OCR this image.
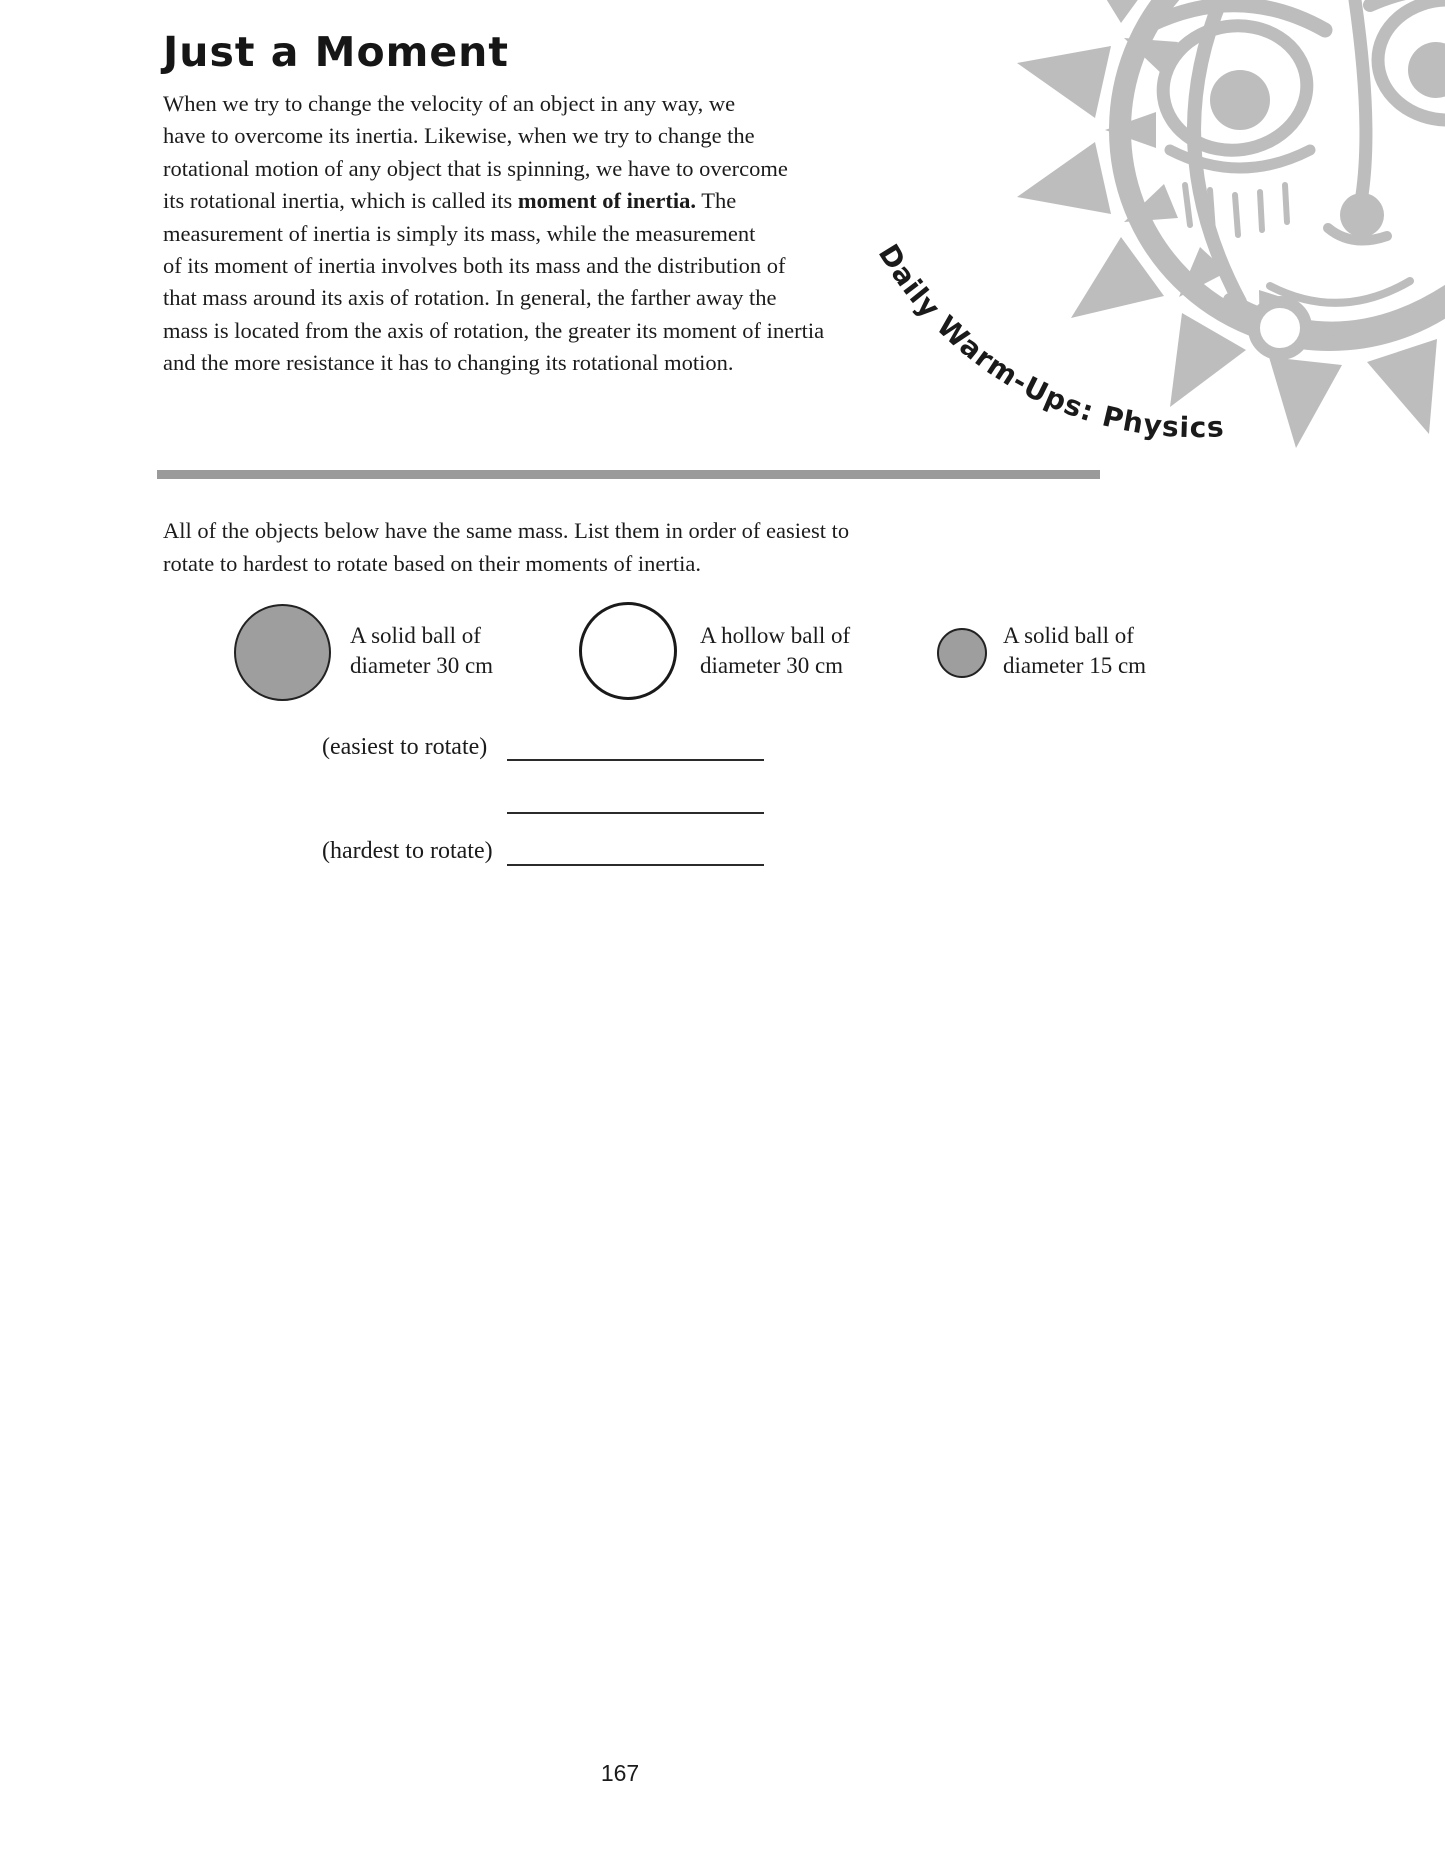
Just a Moment
When we try to change the velocity of an object in any way, we
have to overcome its inertia. Likewise, when we try to change the
rotational motion of any object that is spinning, we have to overcome
its rotational inertia, which is called its moment of inertia. The
measurement of inertia is simply its mass, while the measurement
of its moment of inertia involves both its mass and the distribution of
that mass around its axis of rotation. In general, the farther away the
mass is located from the axis of rotation, the greater its moment of inertia
and the more resistance it has to changing its rotational motion.
All of the objects below have the same mass. List them in order of easiest to
rotate to hardest to rotate based on their moments of inertia.
A solid ball of
diameter 30 cm
A hollow ball of
diameter 30 cm
A solid ball of
diameter 15 cm
(easiest to rotate)
(hardest to rotate)
Daily Warm-Ups: Physics
167
